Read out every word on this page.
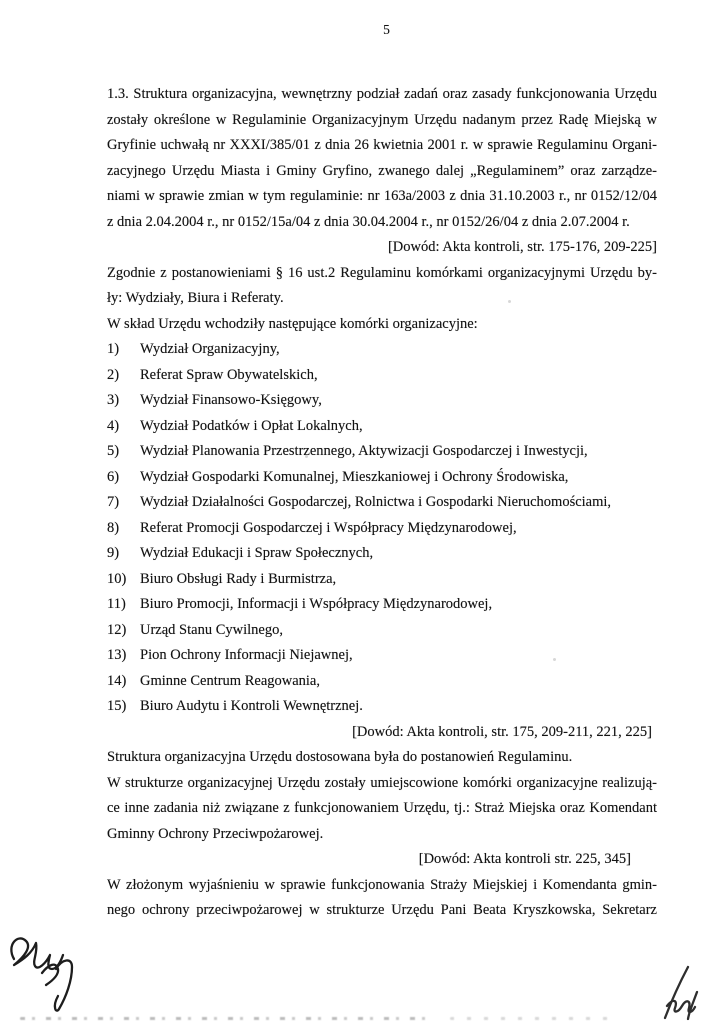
5
1.3. Struktura organizacyjna, wewnętrzny podział zadań oraz zasady funkcjonowania Urzędu
zostały określone w Regulaminie Organizacyjnym Urzędu nadanym przez Radę Miejską w
Gryfinie uchwałą nr XXXI/385/01 z dnia 26 kwietnia 2001 r. w sprawie Regulaminu Organi-
zacyjnego Urzędu Miasta i Gminy Gryfino, zwanego dalej „Regulaminem” oraz zarządze-
niami w sprawie zmian w tym regulaminie: nr 163a/2003 z dnia 31.10.2003 r., nr 0152/12/04
z dnia 2.04.2004 r., nr 0152/15a/04 z dnia 30.04.2004 r., nr 0152/26/04 z dnia 2.07.2004 r.
[Dowód: Akta kontroli, str. 175-176, 209-225]
Zgodnie z postanowieniami § 16 ust.2 Regulaminu komórkami organizacyjnymi Urzędu by-
ły: Wydziały, Biura i Referaty.
W skład Urzędu wchodziły następujące komórki organizacyjne:
1)	Wydział Organizacyjny,
2)	Referat Spraw Obywatelskich,
3)	Wydział Finansowo-Księgowy,
4)	Wydział Podatków i Opłat Lokalnych,
5)	Wydział Planowania Przestrzennego, Aktywizacji Gospodarczej i Inwestycji,
6)	Wydział Gospodarki Komunalnej, Mieszkaniowej i Ochrony Środowiska,
7)	Wydział Działalności Gospodarczej, Rolnictwa i Gospodarki Nieruchomościami,
8)	Referat Promocji Gospodarczej i Współpracy Międzynarodowej,
9)	Wydział Edukacji i Spraw Społecznych,
10) Biuro Obsługi Rady i Burmistrza,
11) Biuro Promocji, Informacji i Współpracy Międzynarodowej,
12) Urząd Stanu Cywilnego,
13) Pion Ochrony Informacji Niejawnej,
14) Gminne Centrum Reagowania,
15) Biuro Audytu i Kontroli Wewnętrznej.
[Dowód: Akta kontroli, str. 175, 209-211, 221, 225]
Struktura organizacyjna Urzędu dostosowana była do postanowień Regulaminu.
W strukturze organizacyjnej Urzędu zostały umiejscowione komórki organizacyjne realizują-
ce inne zadania niż związane z funkcjonowaniem Urzędu, tj.: Straż Miejska oraz Komendant
Gminny Ochrony Przeciwpożarowej.
[Dowód: Akta kontroli str. 225, 345]
W złożonym wyjaśnieniu w sprawie funkcjonowania Straży Miejskiej i Komendanta gmin-
nego ochrony przeciwpożarowej w strukturze Urzędu Pani Beata Kryszkowska, Sekretarz
